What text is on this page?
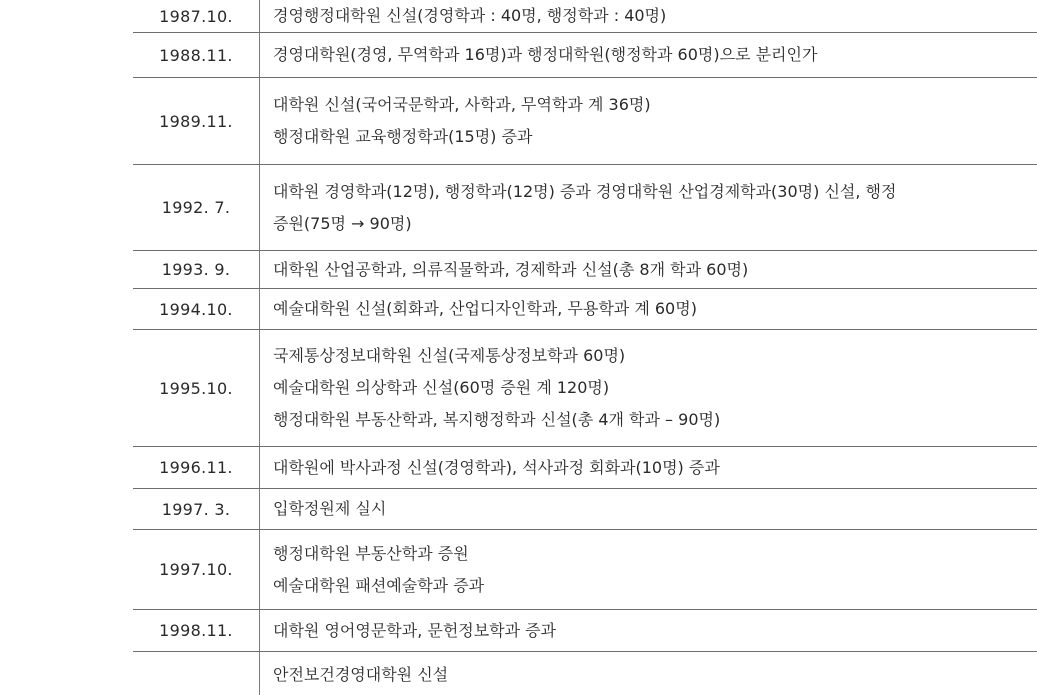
1987.10.	경영행정대학원 신설(경영학과 : 40명, 행정학과 : 40명)

1988.11.	경영대학원(경영, 무역학과 16명)과 행정대학원(행정학과 60명)으로 분리인가

1989.11.	대학원 신설(국어국문학과, 사학과, 무역학과 계 36명)
행정대학원 교육행정학과(15명) 증과

1992. 7.	대학원 경영학과(12명), 행정학과(12명) 증과 경영대학원 산업경제학과(30명) 신설, 행정
증원(75명 → 90명)

1993. 9.	대학원 산업공학과, 의류직물학과, 경제학과 신설(총 8개 학과 60명)

1994.10.	예술대학원 신설(회화과, 산업디자인학과, 무용학과 계 60명)

1995.10.	국제통상정보대학원 신설(국제통상정보학과 60명)
예술대학원 의상학과 신설(60명 증원 계 120명)
행정대학원 부동산학과, 복지행정학과 신설(총 4개 학과 – 90명)

1996.11.	대학원에 박사과정 신설(경영학과), 석사과정 회화과(10명) 증과

1997. 3.	입학정원제 실시

1997.10.	행정대학원 부동산학과 증원
예술대학원 패션예술학과 증과

1998.11.	대학원 영어영문학과, 문헌정보학과 증과

	안전보건경영대학원 신설
